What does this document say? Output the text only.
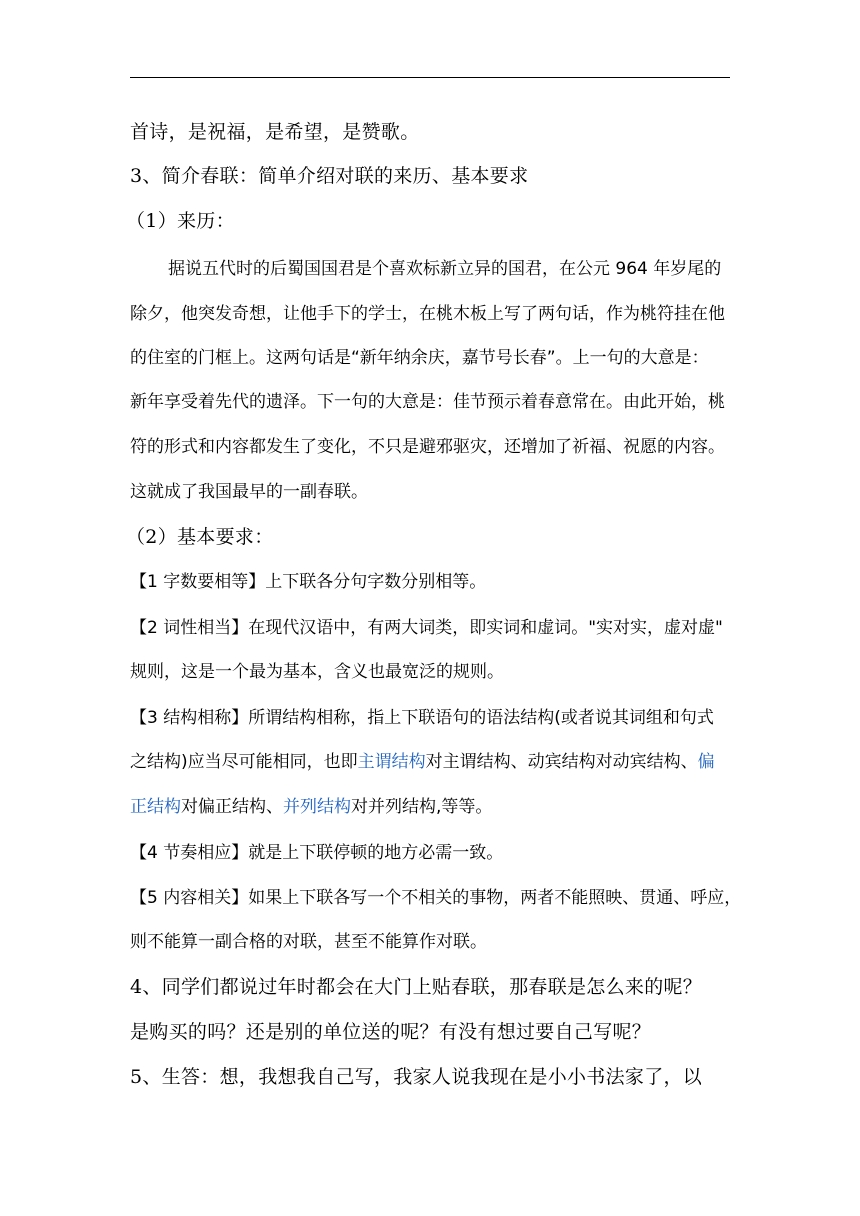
首诗，是祝福，是希望，是赞歌。
3、简介春联：简单介绍对联的来历、基本要求
（1）来历：
据说五代时的后蜀国国君是个喜欢标新立异的国君，在公元 964 年岁尾的
除夕，他突发奇想，让他手下的学士，在桃木板上写了两句话，作为桃符挂在他
的住室的门框上。这两句话是“新年纳余庆，嘉节号长春”。上一句的大意是：
新年享受着先代的遗泽。下一句的大意是：佳节预示着春意常在。由此开始，桃
符的形式和内容都发生了变化，不只是避邪驱灾，还增加了祈福、祝愿的内容。
这就成了我国最早的一副春联。
（2）基本要求：
【1 字数要相等】上下联各分句字数分别相等。
【2 词性相当】在现代汉语中，有两大词类，即实词和虚词。"实对实，虚对虚"
规则，这是一个最为基本，含义也最宽泛的规则。
【3 结构相称】所谓结构相称，指上下联语句的语法结构(或者说其词组和句式
之结构)应当尽可能相同，也即主谓结构对主谓结构、动宾结构对动宾结构、偏
正结构对偏正结构、并列结构对并列结构,等等。
【4 节奏相应】就是上下联停顿的地方必需一致。
【5 内容相关】如果上下联各写一个不相关的事物，两者不能照映、贯通、呼应，
则不能算一副合格的对联，甚至不能算作对联。
4、同学们都说过年时都会在大门上贴春联，那春联是怎么来的呢？
是购买的吗？还是别的单位送的呢？有没有想过要自己写呢？
5、生答：想，我想我自己写，我家人说我现在是小小书法家了，以
